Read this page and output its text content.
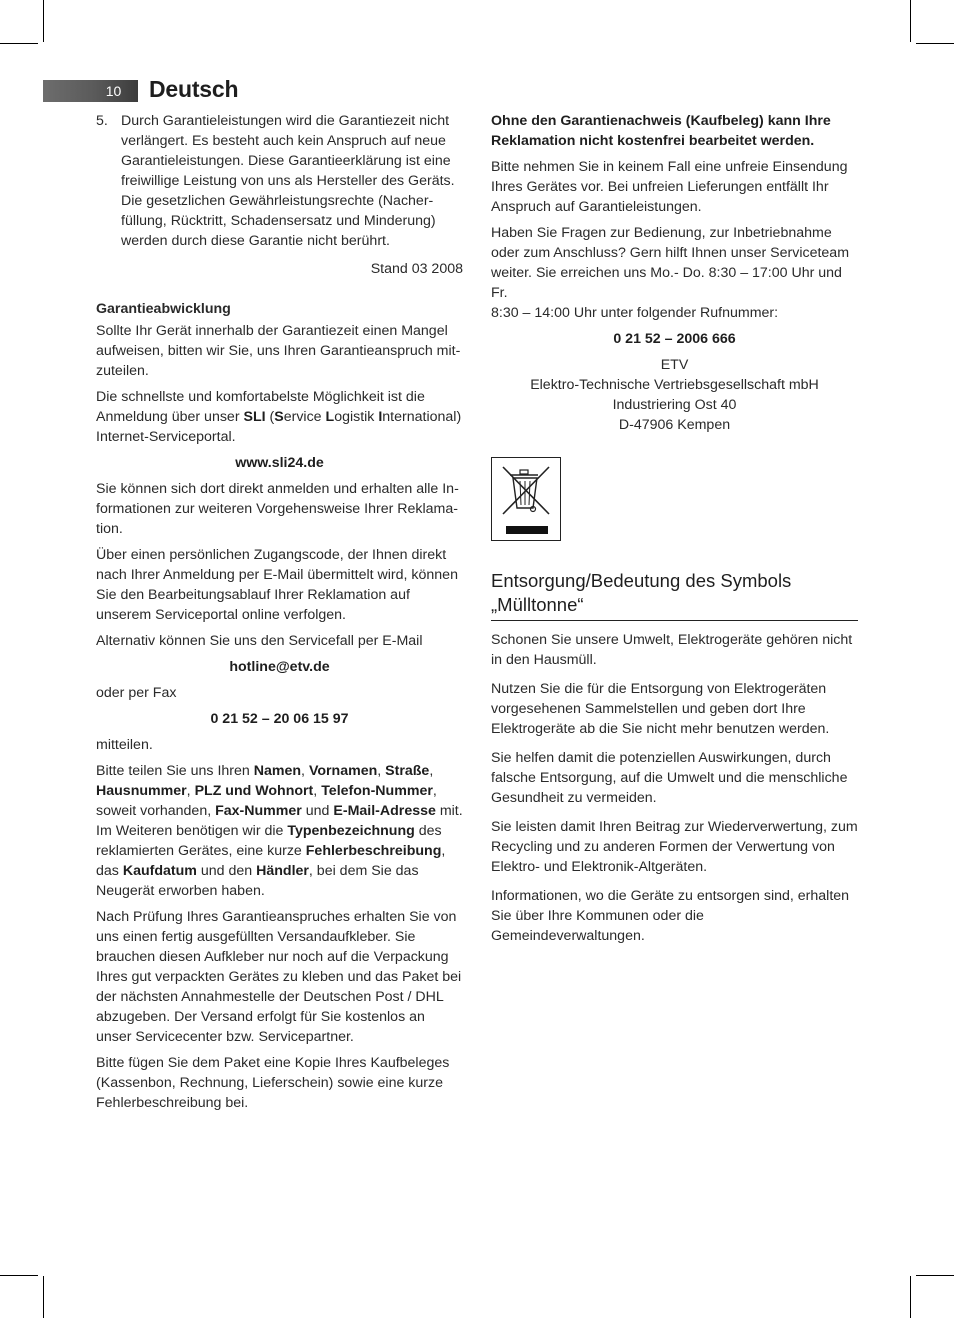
10	Deutsch
5. Durch Garantieleistungen wird die Garantiezeit nicht verlängert. Es besteht auch kein Anspruch auf neue Garantieleistungen. Diese Garantieerklärung ist eine freiwillige Leistung von uns als Hersteller des Geräts. Die gesetzlichen Gewährleistungsrechte (Nacherfüllung, Rücktritt, Schadensersatz und Minderung) werden durch diese Garantie nicht berührt.

Stand 03 2008

Garantieabwicklung

Sollte Ihr Gerät innerhalb der Garantiezeit einen Mangel aufweisen, bitten wir Sie, uns Ihren Garantieanspruch mitzuteilen.

Die schnellste und komfortabelste Möglichkeit ist die Anmeldung über unser SLI (Service Logistik International) Internet-Serviceportal.

www.sli24.de

Sie können sich dort direkt anmelden und erhalten alle Informationen zur weiteren Vorgehensweise Ihrer Reklamation.

Über einen persönlichen Zugangscode, der Ihnen direkt nach Ihrer Anmeldung per E-Mail übermittelt wird, können Sie den Bearbeitungsablauf Ihrer Reklamation auf unserem Serviceportal online verfolgen.

Alternativ können Sie uns den Servicefall per E-Mail

hotline@etv.de

oder per Fax

0 21 52 – 20 06 15 97

mitteilen.

Bitte teilen Sie uns Ihren Namen, Vornamen, Straße, Hausnummer, PLZ und Wohnort, Telefon-Nummer, soweit vorhanden, Fax-Nummer und E-Mail-Adresse mit. Im Weiteren benötigen wir die Typenbezeichnung des reklamierten Gerätes, eine kurze Fehlerbeschreibung, das Kaufdatum und den Händler, bei dem Sie das Neugerät erworben haben.

Nach Prüfung Ihres Garantieanspruches erhalten Sie von uns einen fertig ausgefüllten Versandaufkleber. Sie brauchen diesen Aufkleber nur noch auf die Verpackung Ihres gut verpackten Gerätes zu kleben und das Paket bei der nächsten Annahmestelle der Deutschen Post / DHL abzugeben. Der Versand erfolgt für Sie kostenlos an unser Servicecenter bzw. Servicepartner.

Bitte fügen Sie dem Paket eine Kopie Ihres Kaufbeleges (Kassenbon, Rechnung, Lieferschein) sowie eine kurze Fehlerbeschreibung bei.

Ohne den Garantienachweis (Kaufbeleg) kann Ihre Reklamation nicht kostenfrei bearbeitet werden.

Bitte nehmen Sie in keinem Fall eine unfreie Einsendung Ihres Gerätes vor. Bei unfreien Lieferungen entfällt Ihr Anspruch auf Garantieleistungen.

Haben Sie Fragen zur Bedienung, zur Inbetriebnahme oder zum Anschluss? Gern hilft Ihnen unser Serviceteam weiter. Sie erreichen uns Mo.- Do. 8:30 – 17:00 Uhr und Fr.
8:30 – 14:00 Uhr unter folgender Rufnummer:

0 21 52 – 2006 666

ETV
Elektro-Technische Vertriebsgesellschaft mbH
Industriering Ost 40
D-47906 Kempen
Entsorgung/Bedeutung des Symbols
„Mülltonne“

Schonen Sie unsere Umwelt, Elektrogeräte gehören nicht in den Hausmüll.

Nutzen Sie die für die Entsorgung von Elektrogeräten vorgesehenen Sammelstellen und geben dort Ihre Elektrogeräte ab die Sie nicht mehr benutzen werden.

Sie helfen damit die potenziellen Auswirkungen, durch falsche Entsorgung, auf die Umwelt und die menschliche Gesundheit zu vermeiden.

Sie leisten damit Ihren Beitrag zur Wiederverwertung, zum Recycling und zu anderen Formen der Verwertung von Elektro- und Elektronik-Altgeräten.

Informationen, wo die Geräte zu entsorgen sind, erhalten Sie über Ihre Kommunen oder die Gemeindeverwaltungen.
